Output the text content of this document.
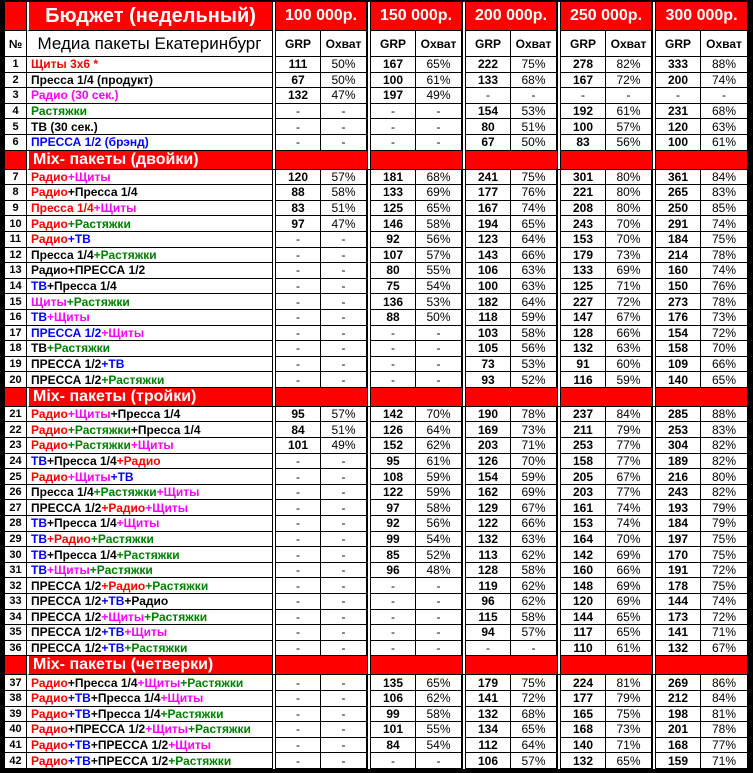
	Бюджет (недельный)		100 000р.			150 000р.			200 000р.			250 000р.			300 000р.	
№	Медиа пакеты Екатеринбург		GRP	Охват		GRP	Охват		GRP	Охват		GRP	Охват		GRP	Охват
1	Щиты 3х6 *		111	50%		167	65%		222	75%		278	82%		333	88%
2	Пресса 1/4 (продукт)		67	50%		100	61%		133	68%		167	72%		200	74%
3	Радио (30 сек.)		132	47%		197	49%		-	-		-	-		-	-
4	Растяжки		-	-		-	-		154	53%		192	61%		231	68%
5	ТВ (30 сек.)		-	-		-	-		80	51%		100	57%		120	63%
6	ПРЕССА 1/2 (брэнд)		-	-		-	-		67	50%		83	56%		100	61%
	Mix- пакеты (двойки)															
7	Радио+Щиты		120	57%		181	68%		241	75%		301	80%		361	84%
8	Радио+Пресса 1/4		88	58%		133	69%		177	76%		221	80%		265	83%
9	Пресса 1/4+Щиты		83	51%		125	65%		167	74%		208	80%		250	85%
10	Радио+Растяжки		97	47%		146	58%		194	65%		243	70%		291	74%
11	Радио+ТВ		-	-		92	56%		123	64%		153	70%		184	75%
12	Пресса 1/4+Растяжки		-	-		107	57%		143	66%		179	73%		214	78%
13	Радио+ПРЕССА 1/2		-	-		80	55%		106	63%		133	69%		160	74%
14	ТВ+Пресса 1/4		-	-		75	54%		100	63%		125	71%		150	76%
15	Щиты+Растяжки		-	-		136	53%		182	64%		227	72%		273	78%
16	ТВ+Щиты		-	-		88	50%		118	59%		147	67%		176	73%
17	ПРЕССА 1/2+Щиты		-	-		-	-		103	58%		128	66%		154	72%
18	ТВ+Растяжки		-	-		-	-		105	56%		132	63%		158	70%
19	ПРЕССА 1/2+ТВ		-	-		-	-		73	53%		91	60%		109	66%
20	ПРЕССА 1/2+Растяжки		-	-		-	-		93	52%		116	59%		140	65%
	Mix- пакеты (тройки)															
21	Радио+Щиты+Пресса 1/4		95	57%		142	70%		190	78%		237	84%		285	88%
22	Радио+Растяжки+Пресса 1/4		84	51%		126	64%		169	73%		211	79%		253	83%
23	Радио+Растяжки+Щиты		101	49%		152	62%		203	71%		253	77%		304	82%
24	ТВ+Пресса 1/4+Радио		-	-		95	61%		126	70%		158	77%		189	82%
25	Радио+Щиты+ТВ		-	-		108	59%		154	59%		205	67%		216	80%
26	Пресса 1/4+Растяжки+Щиты		-	-		122	59%		162	69%		203	77%		243	82%
27	ПРЕССА 1/2+Радио+Щиты		-	-		97	58%		129	67%		161	74%		193	79%
28	ТВ+Пресса 1/4+Щиты		-	-		92	56%		122	66%		153	74%		184	79%
29	ТВ+Радио+Растяжки		-	-		99	54%		132	63%		164	70%		197	75%
30	ТВ+Пресса 1/4+Растяжки		-	-		85	52%		113	62%		142	69%		170	75%
31	ТВ+Щиты+Растяжки		-	-		96	48%		128	58%		160	66%		191	72%
32	ПРЕССА 1/2+Радио+Растяжки		-	-		-	-		119	62%		148	69%		178	75%
33	ПРЕССА 1/2+ТВ+Радио		-	-		-	-		96	62%		120	69%		144	74%
34	ПРЕССА 1/2+Щиты+Растяжки		-	-		-	-		115	58%		144	65%		173	72%
35	ПРЕССА 1/2+ТВ+Щиты		-	-		-	-		94	57%		117	65%		141	71%
36	ПРЕССА 1/2+ТВ+Растяжки		-	-		-	-		-	-		110	61%		132	67%
	Mix- пакеты (четверки)															
37	Радио+Пресса 1/4+Щиты+Растяжки		-	-		135	65%		179	75%		224	81%		269	86%
38	Радио+ТВ+Пресса 1/4+Щиты		-	-		106	62%		141	72%		177	79%		212	84%
39	Радио+ТВ+Пресса 1/4+Растяжки		-	-		99	58%		132	68%		165	75%		198	81%
40	Радио+ПРЕССА 1/2+Щиты+Растяжки		-	-		101	55%		134	65%		168	73%		201	78%
41	Радио+ТВ+ПРЕССА 1/2+Щиты		-	-		84	54%		112	64%		140	71%		168	77%
42	Радио+ТВ+ПРЕССА 1/2+Растяжки		-	-		-	-		106	57%		132	65%		159	71%
